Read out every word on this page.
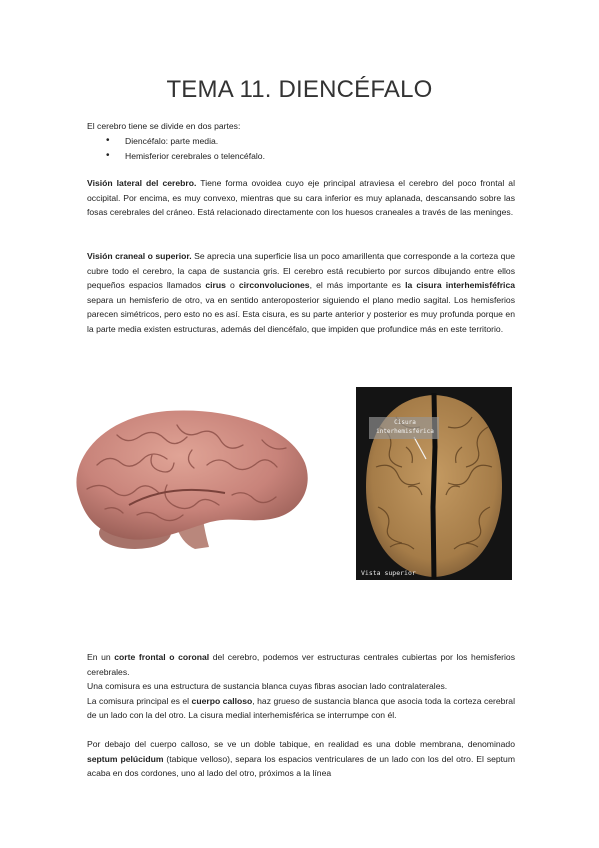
TEMA 11. DIENCÉFALO

El cerebro tiene se divide en dos partes:

• Diencéfalo: parte media.
• Hemisferior cerebrales o telencéfalo.

Visión lateral del cerebro. Tiene forma ovoidea cuyo eje principal atraviesa el cerebro del poco frontal al occipital. Por encima, es muy convexo, mientras que su cara inferior es muy aplanada, descansando sobre las fosas cerebrales del cráneo. Está relacionado directamente con los huesos craneales a través de las meninges.

Visión craneal o superior. Se aprecia una superficie lisa un poco amarillenta que corresponde a la corteza que cubre todo el cerebro, la capa de sustancia gris. El cerebro está recubierto por surcos dibujando entre ellos pequeños espacios llamados cirus o circonvoluciones, el más importante es la cisura interhemisféfrica separa un hemisferio de otro, va en sentido anteroposterior siguiendo el plano medio sagital. Los hemisferios parecen simétricos, pero esto no es así. Esta cisura, es su parte anterior y posterior es muy profunda porque en la parte media existen estructuras, además del diencéfalo, que impiden que profundice más en este territorio.

Cisura
interhemisférica
Vista superior

En un corte frontal o coronal del cerebro, podemos ver estructuras centrales cubiertas por los hemisferios cerebrales.

Una comisura es una estructura de sustancia blanca cuyas fibras asocian lado contralaterales.

La comisura principal es el cuerpo calloso, haz grueso de sustancia blanca que asocia toda la corteza cerebral de un lado con la del otro. La cisura medial interhemisférica se interrumpe con él.

Por debajo del cuerpo calloso, se ve un doble tabique, en realidad es una doble membrana, denominado septum pelúcidum (tabique velloso), separa los espacios ventriculares de un lado con los del otro. El septum acaba en dos cordones, uno al lado del otro, próximos a la línea
